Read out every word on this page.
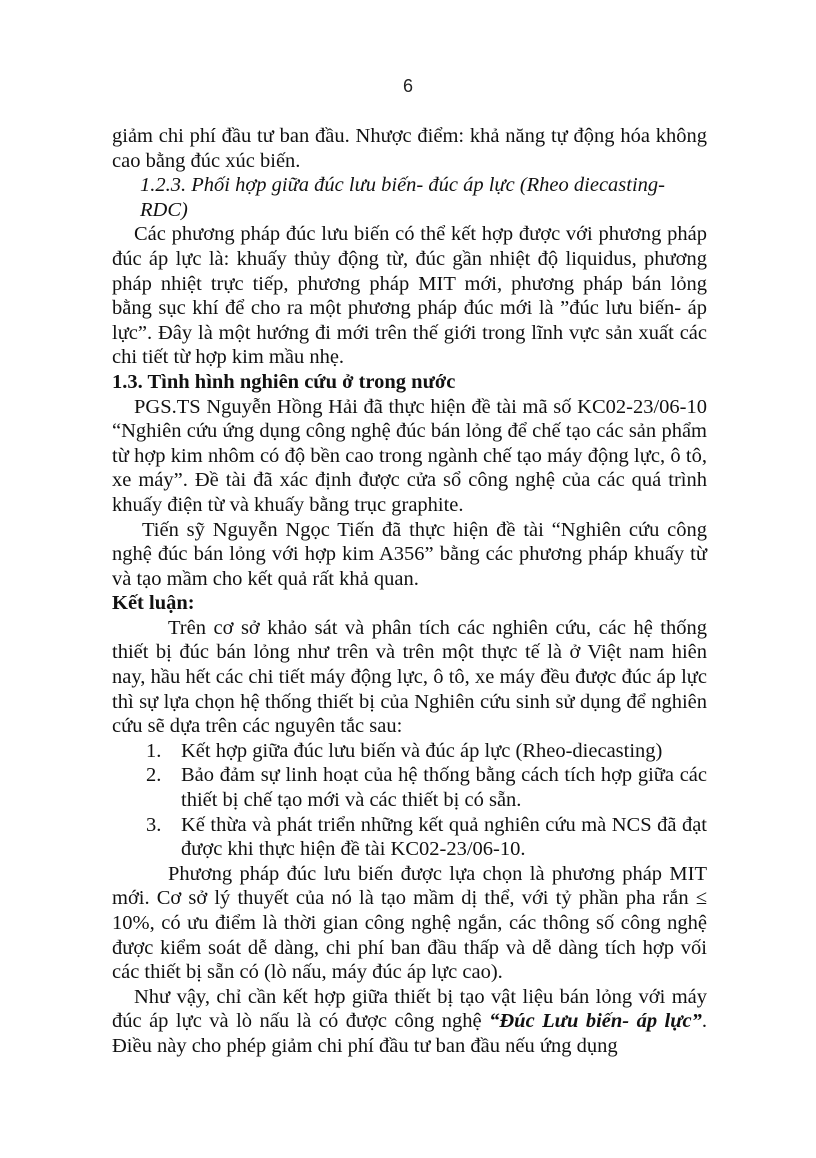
6

giảm chi phí đầu tư ban đầu. Nhược điểm: khả năng tự động hóa không cao bằng đúc xúc biến.

1.2.3. Phối hợp giữa đúc lưu biến- đúc áp lực (Rheo diecasting- RDC)

Các phương pháp đúc lưu biến có thể kết hợp được với phương pháp đúc áp lực là: khuấy thủy động từ, đúc gần nhiệt độ liquidus, phương pháp nhiệt trực tiếp, phương pháp MIT mới, phương pháp bán lỏng bằng sục khí để cho ra một phương pháp đúc mới là ”đúc lưu biến- áp lực”. Đây là một hướng đi mới trên thế giới trong lĩnh vực sản xuất các chi tiết từ hợp kim mầu nhẹ.

1.3. Tình hình nghiên cứu ở trong nước

PGS.TS Nguyễn Hồng Hải đã thực hiện đề tài mã số KC02-23/06-10 “Nghiên cứu ứng dụng công nghệ đúc bán lỏng để chế tạo các sản phẩm từ hợp kim nhôm có độ bền cao trong ngành chế tạo máy động lực, ô tô, xe máy”. Đề tài đã xác định được cửa sổ công nghệ của các quá trình khuấy điện từ và khuấy bằng trục graphite.

Tiến sỹ Nguyễn Ngọc Tiến đã thực hiện đề tài “Nghiên cứu công nghệ đúc bán lỏng với hợp kim A356” bằng các phương pháp khuấy từ và tạo mầm cho kết quả rất khả quan.

Kết luận:

Trên cơ sở khảo sát và phân tích các nghiên cứu, các hệ thống thiết bị đúc bán lỏng như trên và trên một thực tế là ở Việt nam hiên nay, hầu hết các chi tiết máy động lực, ô tô, xe máy đều được đúc áp lực thì sự lựa chọn hệ thống thiết bị của Nghiên cứu sinh sử dụng để nghiên cứu sẽ dựa trên các nguyên tắc sau:

1. Kết hợp giữa đúc lưu biến và đúc áp lực (Rheo-diecasting)
2. Bảo đảm sự linh hoạt của hệ thống bằng cách tích hợp giữa các thiết bị chế tạo mới và các thiết bị có sẵn.
3. Kế thừa và phát triển những kết quả nghiên cứu mà NCS đã đạt được khi thực hiện đề tài KC02-23/06-10.

Phương pháp đúc lưu biến được lựa chọn là phương pháp MIT mới. Cơ sở lý thuyết của nó là tạo mầm dị thể, với tỷ phần pha rắn ≤ 10%, có ưu điểm là thời gian công nghệ ngắn, các thông số công nghệ được kiểm soát dễ dàng, chi phí ban đầu thấp và dễ dàng tích hợp vối các thiết bị sẵn có (lò nấu, máy đúc áp lực cao).

Như vậy, chỉ cần kết hợp giữa thiết bị tạo vật liệu bán lỏng với máy đúc áp lực và lò nấu là có được công nghệ “Đúc Lưu biến- áp lực”. Điều này cho phép giảm chi phí đầu tư ban đầu nếu ứng dụng
